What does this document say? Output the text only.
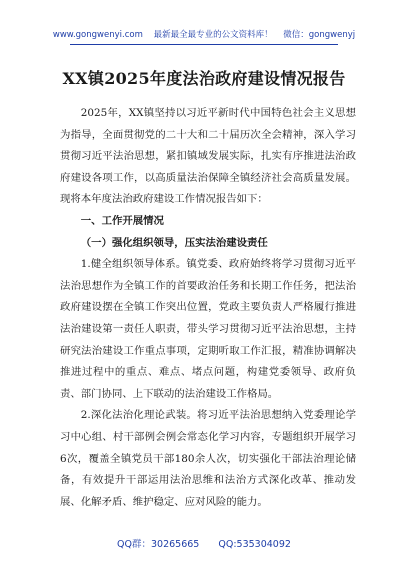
www.gongwenyi.com 最新最全最专业的公文资料库！ 微信：gongwenyj
XX镇2025年度法治政府建设情况报告

2025年，XX镇坚持以习近平新时代中国特色社会主义思想为指导，全面贯彻党的二十大和二十届历次全会精神，深入学习贯彻习近平法治思想，紧扣镇域发展实际，扎实有序推进法治政府建设各项工作，以高质量法治保障全镇经济社会高质量发展。现将本年度法治政府建设工作情况报告如下：

一、工作开展情况

（一）强化组织领导，压实法治建设责任

1.健全组织领导体系。镇党委、政府始终将学习贯彻习近平法治思想作为全镇工作的首要政治任务和长期工作任务，把法治政府建设摆在全镇工作突出位置，党政主要负责人严格履行推进法治建设第一责任人职责，带头学习贯彻习近平法治思想，主持研究法治建设工作重点事项，定期听取工作汇报，精准协调解决推进过程中的重点、难点、堵点问题，构建党委领导、政府负责、部门协同、上下联动的法治建设工作格局。

2.深化法治化理论武装。将习近平法治思想纳入党委理论学习中心组、村干部例会例会常态化学习内容，专题组织开展学习6次，覆盖全镇党员干部180余人次，切实强化干部法治理论储备，有效提升干部运用法治思维和法治方式深化改革、推动发展、化解矛盾、维护稳定、应对风险的能力。

QQ群：30265665 QQ:535304092
